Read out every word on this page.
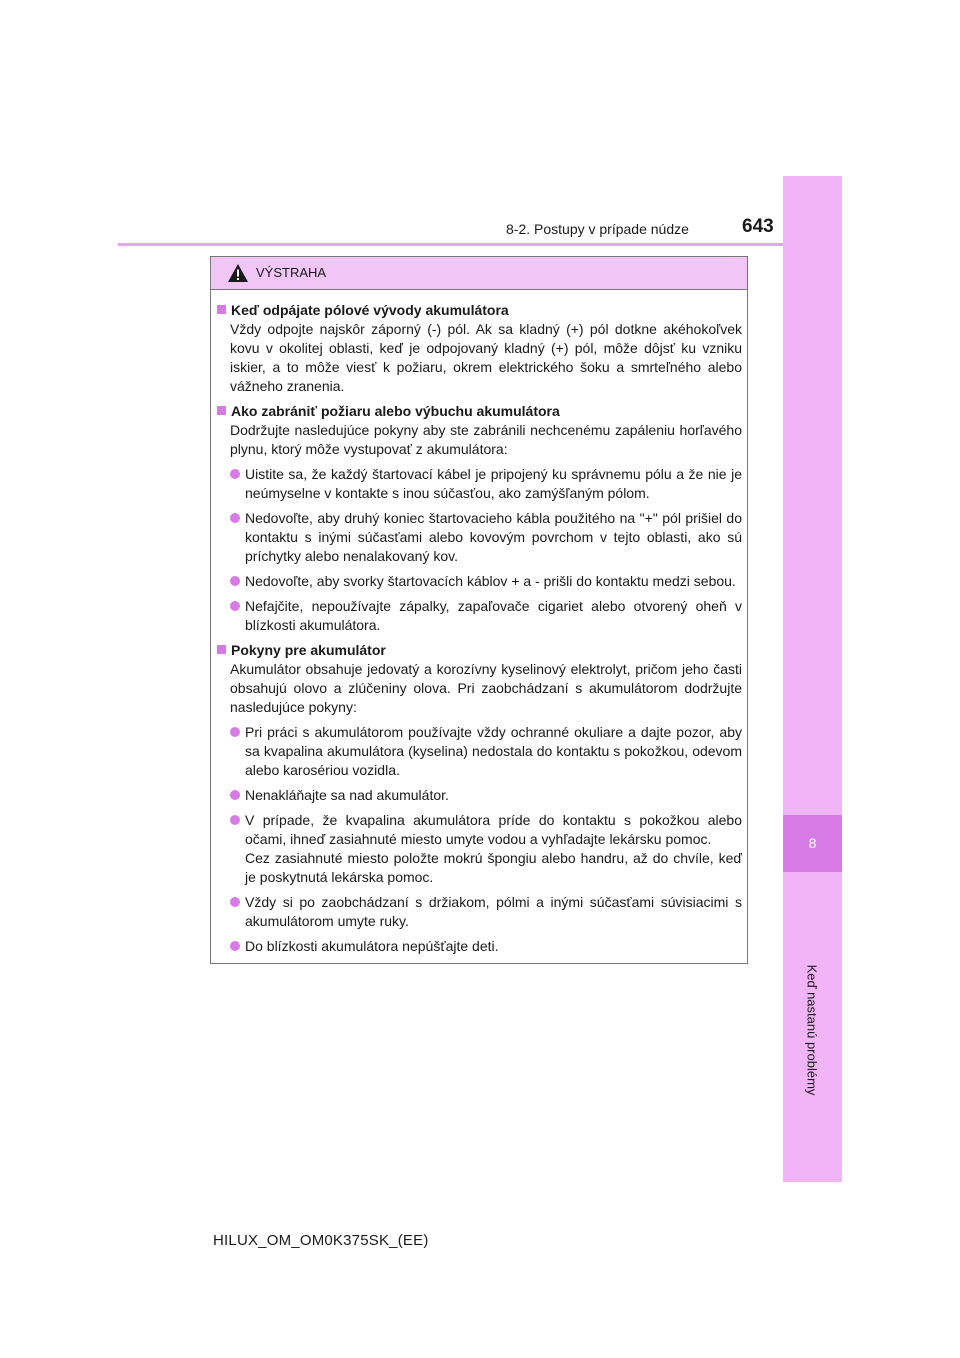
8-2. Postupy v prípade núdze	643
8
Keď nastanú problémy
VÝSTRAHA
Keď odpájate pólové vývody akumulátora
Vždy odpojte najskôr záporný (-) pól. Ak sa kladný (+) pól dotkne akéhokoľvek kovu v okolitej oblasti, keď je odpojovaný kladný (+) pól, môže dôjsť ku vzniku iskier, a to môže viesť k požiaru, okrem elektrického šoku a smrteľného alebo vážneho zranenia.
Ako zabrániť požiaru alebo výbuchu akumulátora
Dodržujte nasledujúce pokyny aby ste zabránili nechcenému zapáleniu horľavého plynu, ktorý môže vystupovať z akumulátora:
Uistite sa, že každý štartovací kábel je pripojený ku správnemu pólu a že nie je neúmyselne v kontakte s inou súčasťou, ako zamýšľaným pólom.
Nedovoľte, aby druhý koniec štartovacieho kábla použitého na "+" pól prišiel do kontaktu s inými súčasťami alebo kovovým povrchom v tejto oblasti, ako sú príchytky alebo nenalakovaný kov.
Nedovoľte, aby svorky štartovacích káblov + a - prišli do kontaktu medzi sebou.
Nefajčite, nepoužívajte zápalky, zapaľovače cigariet alebo otvorený oheň v blízkosti akumulátora.
Pokyny pre akumulátor
Akumulátor obsahuje jedovatý a korozívny kyselinový elektrolyt, pričom jeho časti obsahujú olovo a zlúčeniny olova. Pri zaobchádzaní s akumulátorom dodržujte nasledujúce pokyny:
Pri práci s akumulátorom používajte vždy ochranné okuliare a dajte pozor, aby sa kvapalina akumulátora (kyselina) nedostala do kontaktu s pokožkou, odevom alebo karosériou vozidla.
Nenakláňajte sa nad akumulátor.
V prípade, že kvapalina akumulátora príde do kontaktu s pokožkou alebo očami, ihneď zasiahnuté miesto umyte vodou a vyhľadajte lekársku pomoc.
Cez zasiahnuté miesto položte mokrú špongiu alebo handru, až do chvíle, keď je poskytnutá lekárska pomoc.
Vždy si po zaobchádzaní s držiakom, pólmi a inými súčasťami súvisiacimi s akumulátorom umyte ruky.
Do blízkosti akumulátora nepúšťajte deti.
HILUX_OM_OM0K375SK_(EE)
